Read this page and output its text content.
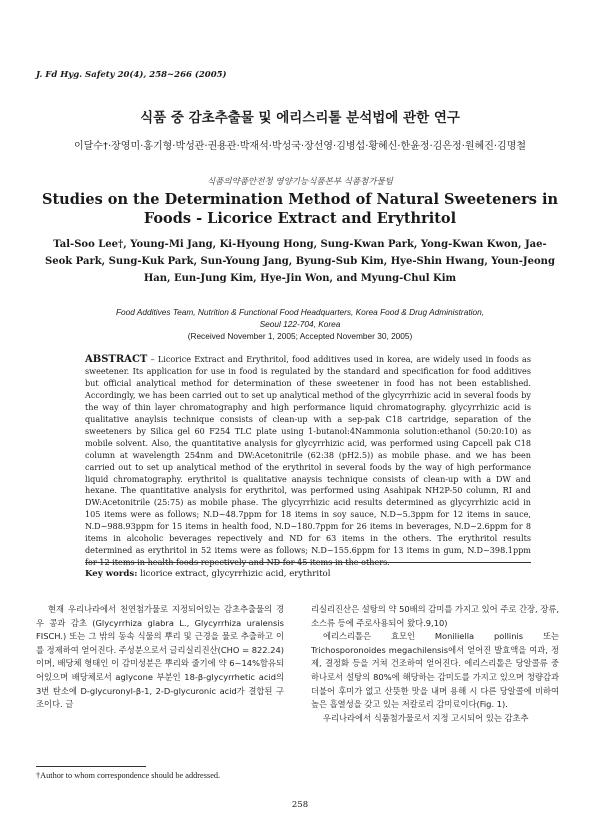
J. Fd Hyg. Safety 20(4), 258~266 (2005)
식품 중 감초추출물 및 에리스리톨 분석법에 관한 연구
이달수†·장영미·홍기형·박성관·권용관·박재석·박성국·장선영·김병섭·황혜신·한윤정·김은정·원혜진·김명철
식품의약품안전청 영양기능식품본부 식품첨가물팀
Studies on the Determination Method of Natural Sweeteners in Foods - Licorice Extract and Erythritol
Tal-Soo Lee†, Young-Mi Jang, Ki-Hyoung Hong, Sung-Kwan Park, Yong-Kwan Kwon, Jae-Seok Park, Sung-Kuk Park, Sun-Young Jang, Byung-Sub Kim, Hye-Shin Hwang, Youn-Jeong Han, Eun-Jung Kim, Hye-Jin Won, and Myung-Chul Kim
Food Additives Team, Nutrition & Functional Food Headquarters, Korea Food & Drug Administration,
Seoul 122-704, Korea
(Received November 1, 2005; Accepted November 30, 2005)
ABSTRACT – Licorice Extract and Erythritol, food additives used in korea, are widely used in foods as sweetener. Its application for use in food is regulated by the standard and specification for food additives but official analytical method for determination of these sweetener in food has not been established. Accordingly, we has been carried out to set up analytical method of the glycyrrhizic acid in several foods by the way of thin layer chromatography and high performance liquid chromatography. glycyrrhizic acid is qualitative anaylsis technique consists of clean-up with a sep-pak C18 cartridge, separation of the sweeteners by Silica gel 60 F254 TLC plate using 1-butanol:4Nammonia solution:ethanol (50:20:10) as mobile solvent. Also, the quantitative analysis for glycyrrhizic acid, was performed using Capcell pak C18 column at wavelength 254nm and DW:Acetonitrile (62:38 (pH2.5)) as mobile phase. and we has been carried out to set up analytical method of the erythritol in several foods by the way of high performance liquid chromatography. erythritol is qualitative anaysis technique consists of clean-up with a DW and hexane. The quantitative analysis for erythritol, was performed using Asahipak NH2P-50 column, RI and DW:Acetonitrile (25:75) as mobile phase. The glycyrrhizic acid results determined as glycyrrhizic acid in 105 items were as follows; N.D~48.7ppm for 18 items in soy sauce, N.D~5.3ppm for 12 items in sauce, N.D~988.93ppm for 15 items in health food, N.D~180.7ppm for 26 items in beverages, N.D~2.6ppm for 8 items in alcoholic beverages repectively and ND for 63 items in the others. The erythritol results determined as erythritol in 52 items were as follows; N.D~155.6ppm for 13 items in gum, N.D~398.1ppm for 12 items in health foods repectively and ND for 45 items in the others.
Key words: licorice extract, glycyrrhizic acid, erythritol

현재 우리나라에서 천연첨가물로 지정되어있는 감초추출물의 경우 콩과 감초 (Glycyrrhiza glabra L., Glycyrrhiza uralensis FISCH.) 또는 그 밖의 동속 식물의 뿌리 및 근경을 물로 추출하고 이를 정제하여 얻어진다. 주성분으로서 글리실리진산(CHO = 822.24)이며, 배당체 형태인 이 감미성분은 뿌리와 줄기에 약 6~14%함유되어있으며 배당체로서 aglycone 부분인 18-β-glycyrrhetic acid의 3번 탄소에 D-glycuronyl-β-1, 2-D-glycuronic acid가 결합된 구조이다. 글

리실리진산은 설탕의 약 50배의 감미를 가지고 있어 주로 간장, 장류, 소스류 등에 주로사용되어 왔다.9,10)

에리스리톨은 효모인 Moniliella pollinis 또는 Trichosporonoides megachilensis에서 얻어진 발효액을 여과, 정제, 결정화 등을 거쳐 건조하여 얻어진다. 에리스리톨은 당알콜류 중 하나로서 설탕의 80%에 해당하는 감미도를 가지고 있으며 청량감과 더불어 후미가 없고 산뜻한 맛을 내며 용해 시 다른 당알콜에 비하여 높은 흡열성을 갖고 있는 저칼로리 감미료이다(Fig. 1).

우리나라에서 식품첨가물로서 지정 고시되어 있는 감초추

†Author to whom correspondence should be addressed.
258
